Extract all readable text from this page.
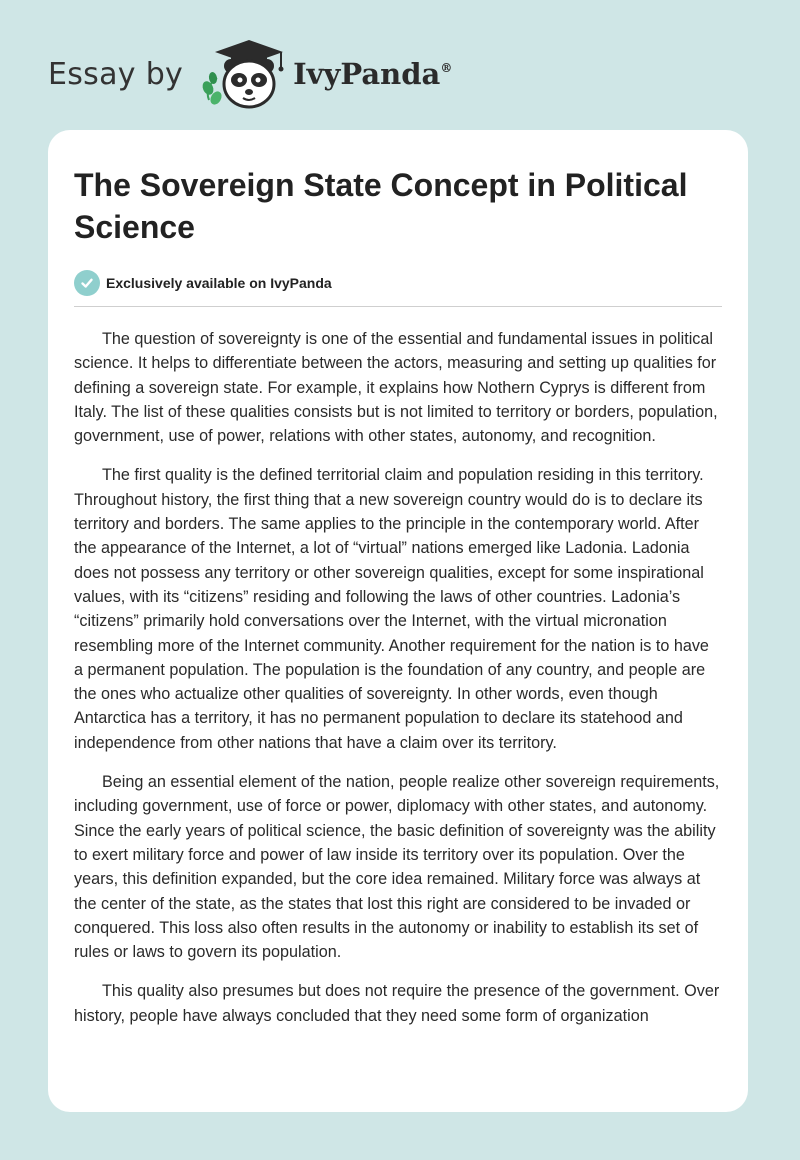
Essay by	IvyPanda®
The Sovereign State Concept in Political Science
Exclusively available on IvyPanda

The question of sovereignty is one of the essential and fundamental issues in political science. It helps to differentiate between the actors, measuring and setting up qualities for defining a sovereign state. For example, it explains how Nothern Cyprys is different from Italy. The list of these qualities consists but is not limited to territory or borders, population, government, use of power, relations with other states, autonomy, and recognition.

The first quality is the defined territorial claim and population residing in this territory. Throughout history, the first thing that a new sovereign country would do is to declare its territory and borders. The same applies to the principle in the contemporary world. After the appearance of the Internet, a lot of “virtual” nations emerged like Ladonia. Ladonia does not possess any territory or other sovereign qualities, except for some inspirational values, with its “citizens” residing and following the laws of other countries. Ladonia’s “citizens” primarily hold conversations over the Internet, with the virtual micronation resembling more of the Internet community. Another requirement for the nation is to have a permanent population. The population is the foundation of any country, and people are the ones who actualize other qualities of sovereignty. In other words, even though Antarctica has a territory, it has no permanent population to declare its statehood and independence from other nations that have a claim over its territory.

Being an essential element of the nation, people realize other sovereign requirements, including government, use of force or power, diplomacy with other states, and autonomy. Since the early years of political science, the basic definition of sovereignty was the ability to exert military force and power of law inside its territory over its population. Over the years, this definition expanded, but the core idea remained. Military force was always at the center of the state, as the states that lost this right are considered to be invaded or conquered. This loss also often results in the autonomy or inability to establish its set of rules or laws to govern its population.

This quality also presumes but does not require the presence of the government. Over history, people have always concluded that they need some form of organization
